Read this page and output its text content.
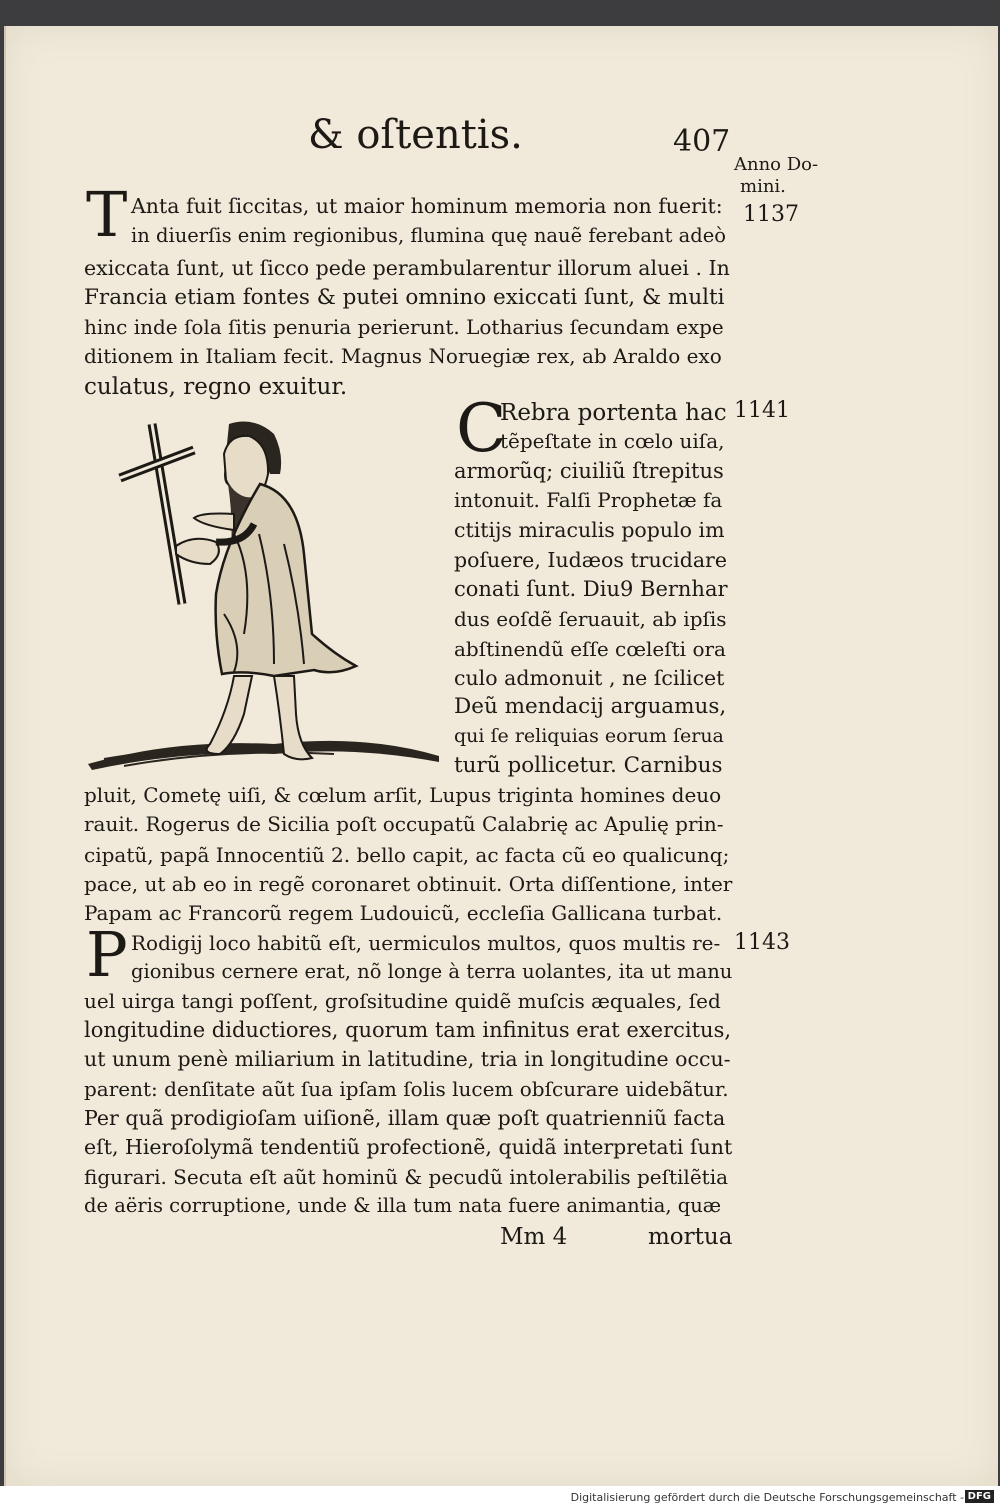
& oſtentis.	407
Anno Do-
mini.
1137
1141
1143
T Anta fuit ſiccitas, ut maior hominum memoria non fuerit:
in diuerſis enim regionibus, flumina quę nauẽ ferebant adeò
exiccata ſunt, ut ſicco pede perambularentur illorum aluei . In
Francia etiam fontes & putei omnino exiccati ſunt, & multi
hinc inde ſola ſitis penuria perierunt. Lotharius ſecundam expe
ditionem in Italiam fecit. Magnus Noruegiæ rex, ab Araldo exo
culatus, regno exuitur.
C
Rebra portenta hac
tẽpeſtate in cœlo uiſa,
armorũq; ciuiliũ ſtrepitus
intonuit. Falſi Prophetæ fa
ctitijs miraculis populo im
poſuere, Iudæos trucidare
conati ſunt. Diu9 Bernhar
dus eoſdẽ ſeruauit, ab ipſis
abſtinendũ eſſe cœleſti ora
culo admonuit , ne ſcilicet
Deũ mendacij arguamus,
qui ſe reliquias eorum ſerua
turũ pollicetur. Carnibus
pluit, Cometę uiſi, & cœlum arſit, Lupus triginta homines deuo
rauit. Rogerus de Sicilia poſt occupatũ Calabrię ac Apulię prin-
cipatũ, papã Innocentiũ 2. bello capit, ac facta cũ eo qualicunq;
pace, ut ab eo in regẽ coronaret obtinuit. Orta diſſentione, inter
Papam ac Francorũ regem Ludouicũ, eccleſia Gallicana turbat.
P Rodigij loco habitũ eſt, uermiculos multos, quos multis re-
gionibus cernere erat, nõ longe à terra uolantes, ita ut manu
uel uirga tangi poſſent, groſsitudine quidẽ muſcis æquales, ſed
longitudine diductiores, quorum tam infinitus erat exercitus,
ut unum penè miliarium in latitudine, tria in longitudine occu-
parent: denſitate aũt ſua ipſam ſolis lucem obſcurare uidebãtur.
Per quã prodigioſam uiſionẽ, illam quæ poſt quatrienniũ facta
eſt, Hieroſolymã tendentiũ profectionẽ, quidã interpretati ſunt
figurari. Secuta eſt aũt hominũ & pecudũ intolerabilis peſtilẽtia
de aëris corruptione, unde & illa tum nata fuere animantia, quæ
Mm 4	mortua
Digitalisierung gefördert durch die Deutsche Forschungsgemeinschaft - DFG
